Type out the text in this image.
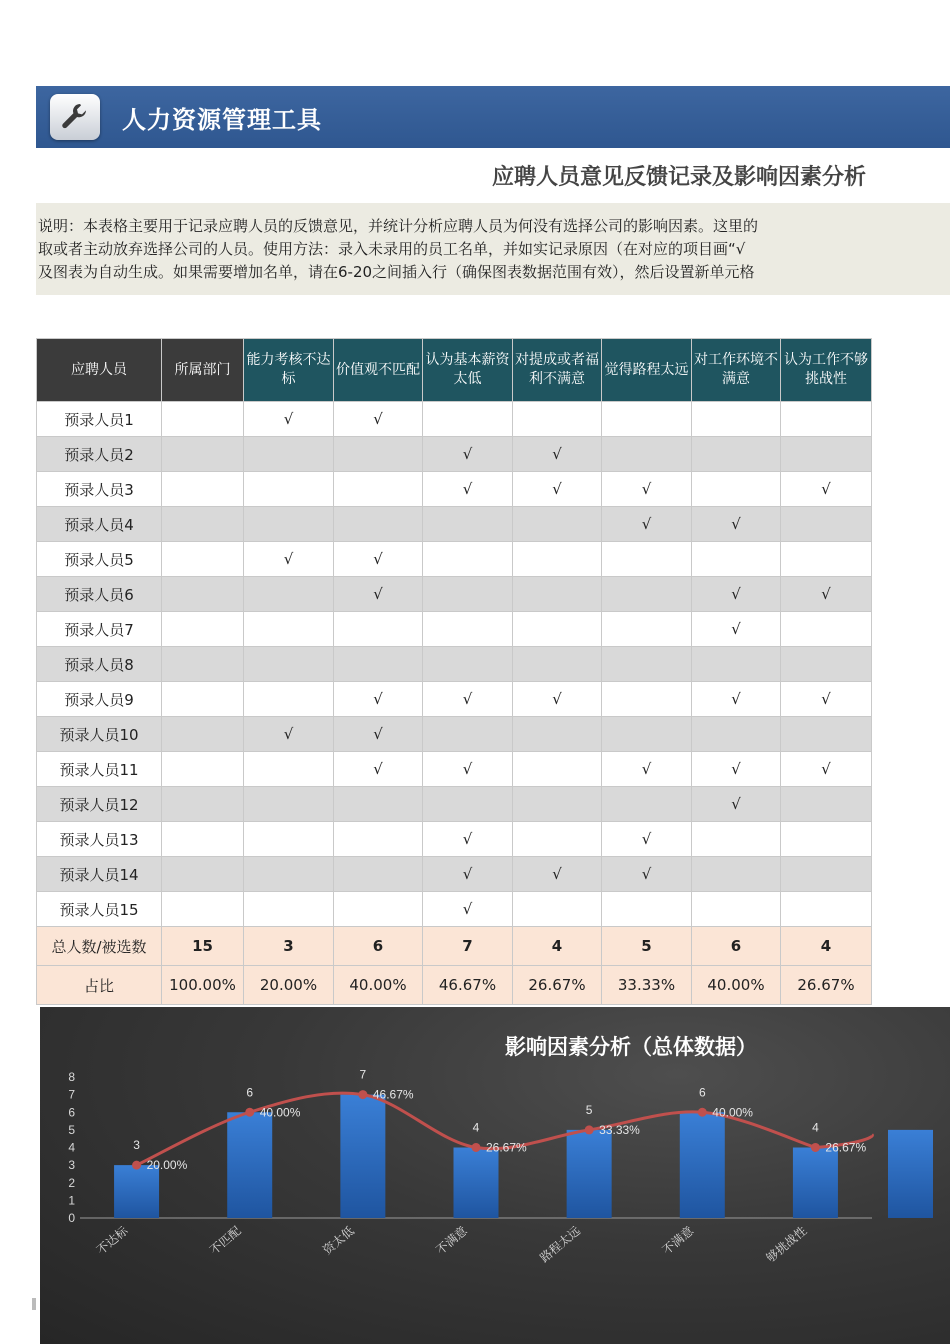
人力资源管理工具
应聘人员意见反馈记录及影响因素分析
说明：本表格主要用于记录应聘人员的反馈意见，并统计分析应聘人员为何没有选择公司的影响因素。这里的
取或者主动放弃选择公司的人员。使用方法：录入未录用的员工名单，并如实记录原因（在对应的项目画“√
及图表为自动生成。如果需要增加名单，请在6-20之间插入行（确保图表数据范围有效），然后设置新单元格
应聘人员	所属部门	能力考核不达标	价值观不匹配	认为基本薪资太低	对提成或者福利不满意	觉得路程太远	对工作环境不满意	认为工作不够挑战性
预录人员1		√	√					
预录人员2				√	√			
预录人员3				√	√	√		√
预录人员4						√	√	
预录人员5		√	√					
预录人员6			√				√	√
预录人员7							√	
预录人员8								
预录人员9			√	√	√		√	√
预录人员10		√	√					
预录人员11			√	√		√	√	√
预录人员12							√	
预录人员13				√		√		
预录人员14				√	√	√		
预录人员15				√				
总人数/被选数	15	3	6	7	4	5	6	4
占比	100.00%	20.00%	40.00%	46.67%	26.67%	33.33%	40.00%	26.67%
影响因素分析（总体数据）
0
1
2
3
4
5
6
7
8
3
6
7
4
5
6
4
20.00%
40.00%
46.67%
26.67%
33.33%
40.00%
26.67%
不达标	不匹配	资太低	不满意	路程太远	不满意	够挑战性
